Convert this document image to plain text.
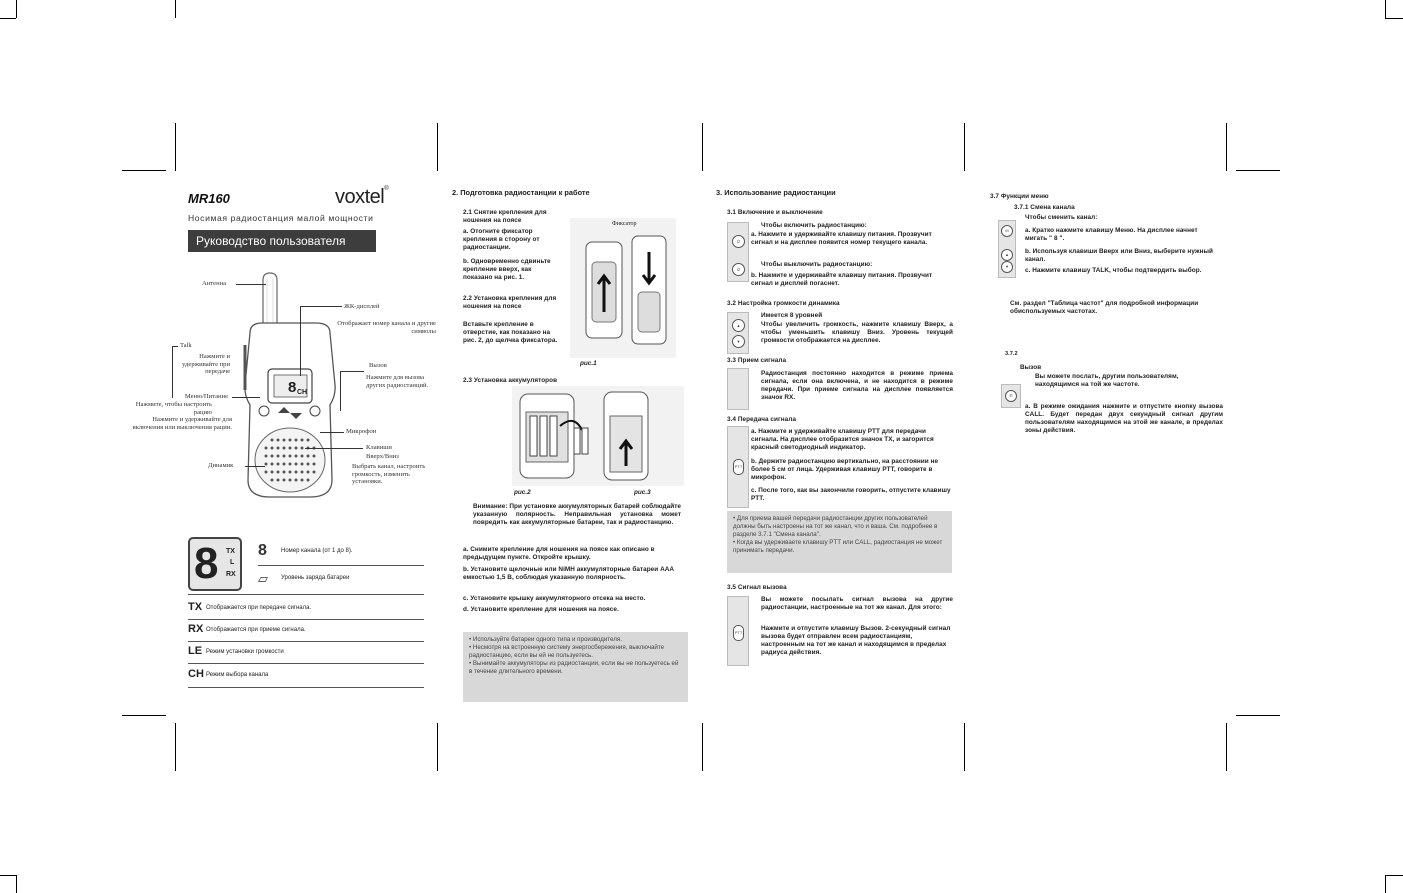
MR160	voxtel®
Носимая радиостанция малой мощности
Руководство пользователя
8 CH
Антенна
ЖК-дисплей
Отображает номер канала и другие символы
Talk
Нажмите и удерживайте при передаче
Вызов
Нажмите для вызова других радиостанций.
Меню/Питание
Нажмите, чтобы настроить рацию
Нажмите и удерживайте для включения или выключения рации.
Микрофон
Клавиши
Вверх/Вниз
Выбрать канал, настроить громкость, изменить установки.
Динамик
8 TX
L
RX
8 Номер канала (от 1 до 8).
▱ Уровень заряда батареи
TX Отображается при передаче сигнала.
RX Отображается при приеме сигнала.
LE Режим установки громкости
CH Режим выбора канала
2. Подготовка радиостанции к работе
2.1 Снятие крепления для ношения на поясе
a. Отогните фиксатор крепления в сторону от радиостанции.
b. Одновременно сдвиньте крепление вверх, как показано на рис. 1.
2.2 Установка крепления для ношения на поясе
Вставьте крепление в отверстие, как показано на рис. 2, до щелчка фиксатора.
Фиксатор
рис.1
2.3 Установка аккумуляторов
рис.2	рис.3
Внимание: При установке аккумуляторных батарей соблюдайте указанную полярность. Неправильная установка может повредить как аккумуляторные батареи, так и радиостанцию.
a. Снимите крепление для ношения на поясе как описано в предыдущем пункте. Откройте крышку.
b. Установите щелочные или NiMH аккумуляторные батареи AAA емкостью 1,5 В, соблюдая указанную полярность.
c. Установите крышку аккумуляторного отсека на место.
d. Установите крепление для ношения на поясе.
• Используйте батареи одного типа и производителя.
• Несмотря на встроенную систему энергосбережения, выключайте радиостанцию, если вы ей не пользуетесь.
• Вынимайте аккумуляторы из радиостанции, если вы не пользуетесь ей в течение длительного времени.
3. Использование радиостанции
3.1 Включение и выключение
⏻
⏻
Чтобы включить радиостанцию:
a. Нажмите и удерживайте клавишу питания. Прозвучит сигнал и на дисплее появится номер текущего канала.
Чтобы выключить радиостанцию:
b. Нажмите и удерживайте клавишу питания. Прозвучит сигнал и дисплей погаснет.
3.2 Настройка громкости динамика
▲
▼
Имеется 8 уровней
Чтобы увеличить громкость, нажмите клавишу Вверх, а чтобы уменьшить клавишу Вниз. Уровень текущей громкости отображается на дисплее.
3.3 Прием сигнала
Радиостанция постоянно находится в режиме приема сигнала, если она включена, и не находится в режиме передачи. При приеме сигнала на дисплее появляется значок RX.
3.4 Передача сигнала
PTT
a. Нажмите и удерживайте клавишу PTT для передачи сигнала. На дисплее отобразится значок TX, и загорится красный светодиодный индикатор.
b. Держите радиостанцию вертикально, на расстоянии не более 5 см от лица. Удерживая клавишу PTT, говорите в микрофон.
c. После того, как вы закончили говорить, отпустите клавишу PTT.
• Для приема вашей передачи радиостанции других пользователей должны быть настроены на тот же канал, что и ваша. См. подробнее в разделе 3.7.1 "Смена канала".
• Когда вы удерживаете клавишу PTT или CALL, радиостанция не может принимать передачи.
3.5 Сигнал вызова
PTT
Вы можете посылать сигнал вызова на другие радиостанции, настроенные на тот же канал. Для этого:
Нажмите и отпустите клавишу Вызов. 2-секундный сигнал вызова будет отправлен всем радиостанциям, настроенным на тот же канал и находящимся в пределах радиуса действия.
3.7 Функции меню
3.7.1 Смена канала
M
▲
▼
Чтобы сменить канал:
a. Кратко нажмите клавишу Меню. На дисплее начнет мигать " 8 ".
b. Используя клавиши Вверх или Вниз, выберите нужный канал.
c. Нажмите клавишу TALK, чтобы подтвердить выбор.
См. раздел "Таблица частот" для подробной информации обиспользуемых частотах.
3.7.2
Вызов
Вы можете послать, другим пользователям, находящимся на той же частоте.
✆
a. В режиме ожидания нажмите и отпустите кнопку вызова CALL. Будет передан двух секундный сигнал другим пользователям находящимся на этой же канале, в пределах зоны действия.
